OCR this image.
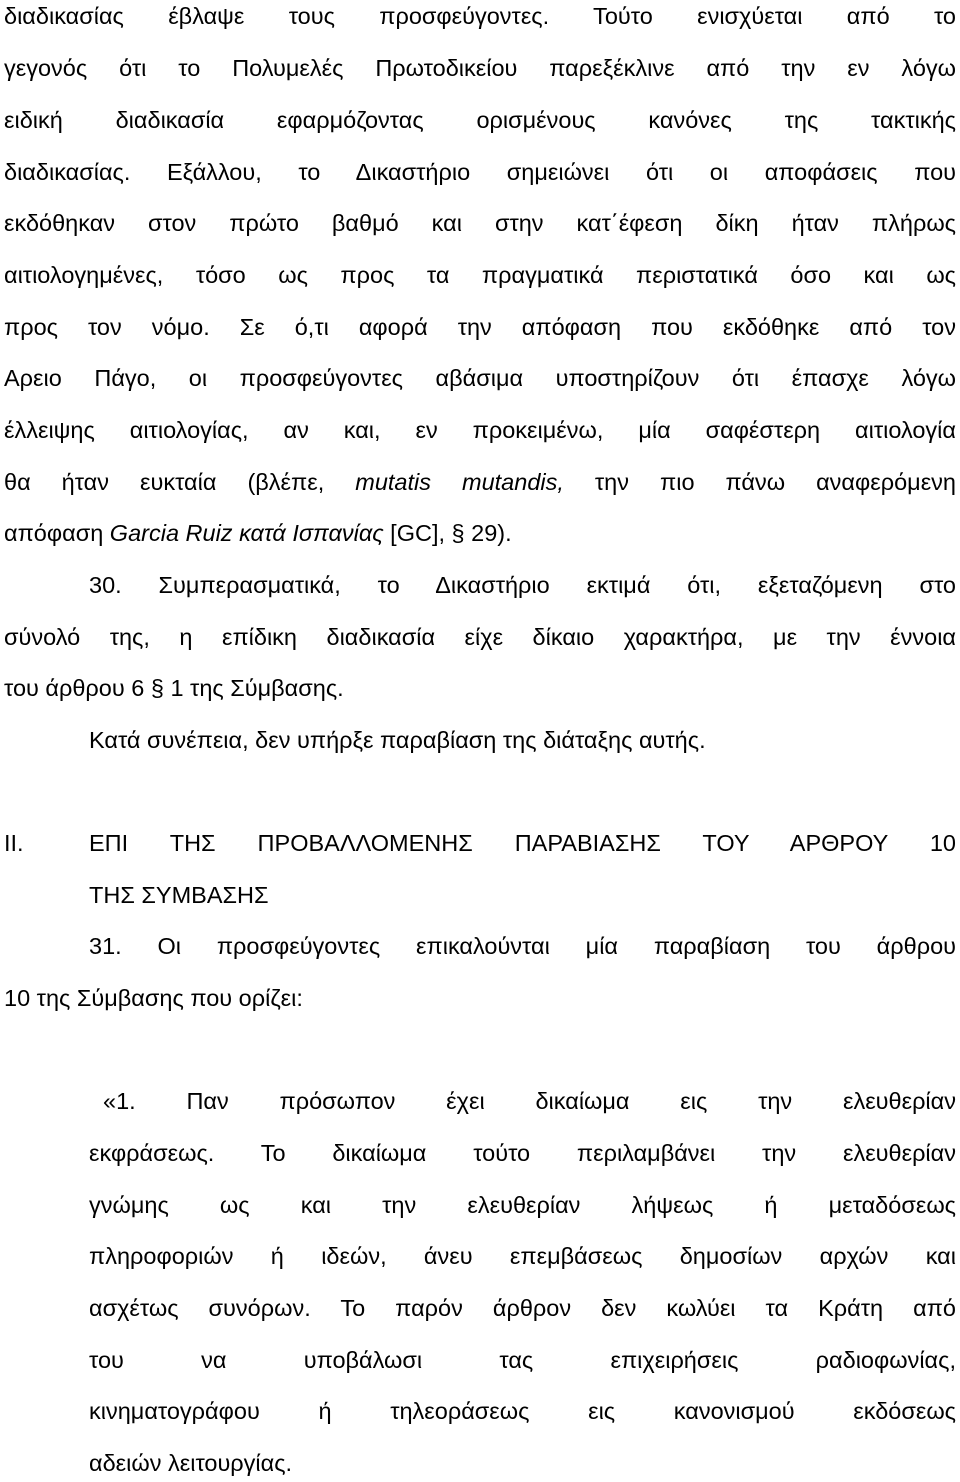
διαδικασίας έβλαψε τους προσφεύγοντες. Τούτο ενισχύεται από το
γεγονός ότι το Πολυμελές Πρωτοδικείου παρεξέκλινε από την εν λόγω
ειδική διαδικασία εφαρμόζοντας ορισμένους κανόνες της τακτικής
διαδικασίας. Εξάλλου, το Δικαστήριο σημειώνει ότι οι αποφάσεις που
εκδόθηκαν στον πρώτο βαθμό και στην κατ΄έφεση δίκη ήταν πλήρως
αιτιολογημένες, τόσο ως προς τα πραγματικά περιστατικά όσο και ως
προς τον νόμο. Σε ό,τι αφορά την απόφαση που εκδόθηκε από τον
Αρειο Πάγο, οι προσφεύγοντες αβάσιμα υποστηρίζουν ότι έπασχε λόγω
έλλειψης αιτιολογίας, αν και, εν προκειμένω, μία σαφέστερη αιτιολογία
θα ήταν ευκταία (βλέπε, mutatis mutandis, την πιο πάνω αναφερόμενη
απόφαση Garcia Ruiz κατά Ισπανίας [GC], § 29).
30. Συμπερασματικά, το Δικαστήριο εκτιμά ότι, εξεταζόμενη στο
σύνολό της, η επίδικη διαδικασία είχε δίκαιο χαρακτήρα, με την έννοια
του άρθρου 6 § 1 της Σύμβασης.
Κατά συνέπεια, δεν υπήρξε παραβίαση της διάταξης αυτής.
II.	ΕΠΙ ΤΗΣ ΠΡΟΒΑΛΛΟΜΕΝΗΣ ΠΑΡΑΒΙΑΣΗΣ ΤΟΥ ΑΡΘΡΟΥ 10
ΤΗΣ ΣΥΜΒΑΣΗΣ
31. Οι προσφεύγοντες επικαλούνται μία παραβίαση του άρθρου
10 της Σύμβασης που ορίζει:
«1. Παν πρόσωπον έχει δικαίωμα εις την ελευθερίαν
εκφράσεως. Το δικαίωμα τούτο περιλαμβάνει την ελευθερίαν
γνώμης ως και την ελευθερίαν λήψεως ή μεταδόσεως
πληροφοριών ή ιδεών, άνευ επεμβάσεως δημοσίων αρχών και
ασχέτως συνόρων. Το παρόν άρθρον δεν κωλύει τα Κράτη από
του να υποβάλωσι τας επιχειρήσεις ραδιοφωνίας,
κινηματογράφου ή τηλεοράσεως εις κανονισμού εκδόσεως
αδειών λειτουργίας.
